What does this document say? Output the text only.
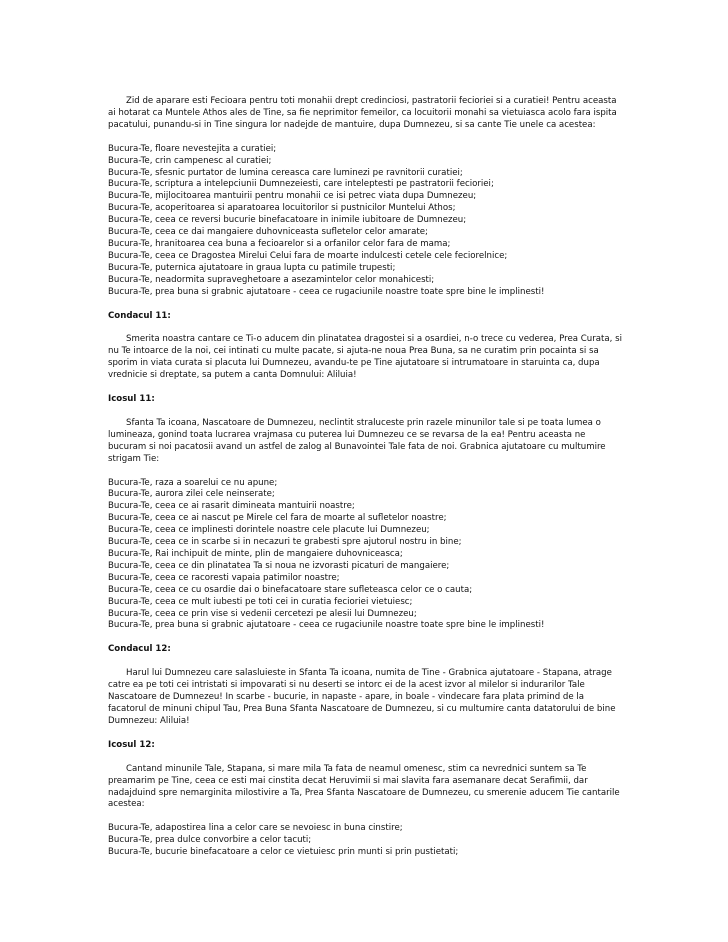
Zid de aparare esti Fecioara pentru toti monahii drept credinciosi, pastratorii fecioriei si a curatiei! Pentru aceasta ai hotarat ca Muntele Athos ales de Tine, sa fie neprimitor femeilor, ca locuitorii monahi sa vietuiasca acolo fara ispita pacatului, punandu-si in Tine singura lor nadejde de mantuire, dupa Dumnezeu, si sa cante Tie unele ca acestea:

Bucura-Te, floare nevestejita a curatiei;
Bucura-Te, crin campenesc al curatiei;
Bucura-Te, sfesnic purtator de lumina cereasca care luminezi pe ravnitorii curatiei;
Bucura-Te, scriptura a intelepciunii Dumnezeiesti, care inteleptesti pe pastratorii fecioriei;
Bucura-Te, mijlocitoarea mantuirii pentru monahii ce isi petrec viata dupa Dumnezeu;
Bucura-Te, acoperitoarea si aparatoarea locuitorilor si pustnicilor Muntelui Athos;
Bucura-Te, ceea ce reversi bucurie binefacatoare in inimile iubitoare de Dumnezeu;
Bucura-Te, ceea ce dai mangaiere duhovniceasta sufletelor celor amarate;
Bucura-Te, hranitoarea cea buna a fecioarelor si a orfanilor celor fara de mama;
Bucura-Te, ceea ce Dragostea Mirelui Celui fara de moarte indulcesti cetele cele feciorelnice;
Bucura-Te, puternica ajutatoare in graua lupta cu patimile trupesti;
Bucura-Te, neadormita supraveghetoare a asezamintelor celor monahicesti;
Bucura-Te, prea buna si grabnic ajutatoare - ceea ce rugaciunile noastre toate spre bine le implinesti!

Condacul 11:

Smerita noastra cantare ce Ti-o aducem din plinatatea dragostei si a osardiei, n-o trece cu vederea, Prea Curata, si nu Te intoarce de la noi, cei intinati cu multe pacate, si ajuta-ne noua Prea Buna, sa ne curatim prin pocainta si sa sporim in viata curata si placuta lui Dumnezeu, avandu-te pe Tine ajutatoare si intrumatoare in staruinta ca, dupa vrednicie si dreptate, sa putem a canta Domnului: Aliluia!

Icosul 11:

Sfanta Ta icoana, Nascatoare de Dumnezeu, neclintit straluceste prin razele minunilor tale si pe toata lumea o lumineaza, gonind toata lucrarea vrajmasa cu puterea lui Dumnezeu ce se revarsa de la ea! Pentru aceasta ne bucuram si noi pacatosii avand un astfel de zalog al Bunavointei Tale fata de noi. Grabnica ajutatoare cu multumire strigam Tie:

Bucura-Te, raza a soarelui ce nu apune;
Bucura-Te, aurora zilei cele neinserate;
Bucura-Te, ceea ce ai rasarit dimineata mantuirii noastre;
Bucura-Te, ceea ce ai nascut pe Mirele cel fara de moarte al sufletelor noastre;
Bucura-Te, ceea ce implinesti dorintele noastre cele placute lui Dumnezeu;
Bucura-Te, ceea ce in scarbe si in necazuri te grabesti spre ajutorul nostru in bine;
Bucura-Te, Rai inchipuit de minte, plin de mangaiere duhovniceasca;
Bucura-Te, ceea ce din plinatatea Ta si noua ne izvorasti picaturi de mangaiere;
Bucura-Te, ceea ce racoresti vapaia patimilor noastre;
Bucura-Te, ceea ce cu osardie dai o binefacatoare stare sufleteasca celor ce o cauta;
Bucura-Te, ceea ce mult iubesti pe toti cei in curatia fecioriei vietuiesc;
Bucura-Te, ceea ce prin vise si vedenii cercetezi pe alesii lui Dumnezeu;
Bucura-Te, prea buna si grabnic ajutatoare - ceea ce rugaciunile noastre toate spre bine le implinesti!

Condacul 12:

Harul lui Dumnezeu care salasluieste in Sfanta Ta icoana, numita de Tine - Grabnica ajutatoare - Stapana, atrage catre ea pe toti cei intristati si impovarati si nu deserti se intorc ei de la acest izvor al milelor si indurarilor Tale Nascatoare de Dumnezeu! In scarbe - bucurie, in napaste - apare, in boale - vindecare fara plata primind de la facatorul de minuni chipul Tau, Prea Buna Sfanta Nascatoare de Dumnezeu, si cu multumire canta datatorului de bine Dumnezeu: Aliluia!

Icosul 12:

Cantand minunile Tale, Stapana, si mare mila Ta fata de neamul omenesc, stim ca nevrednici suntem sa Te preamarim pe Tine, ceea ce esti mai cinstita decat Heruvimii si mai slavita fara asemanare decat Serafimii, dar nadajduind spre nemarginita milostivire a Ta, Prea Sfanta Nascatoare de Dumnezeu, cu smerenie aducem Tie cantarile acestea:

Bucura-Te, adapostirea lina a celor care se nevoiesc in buna cinstire;
Bucura-Te, prea dulce convorbire a celor tacuti;
Bucura-Te, bucurie binefacatoare a celor ce vietuiesc prin munti si prin pustietati;
